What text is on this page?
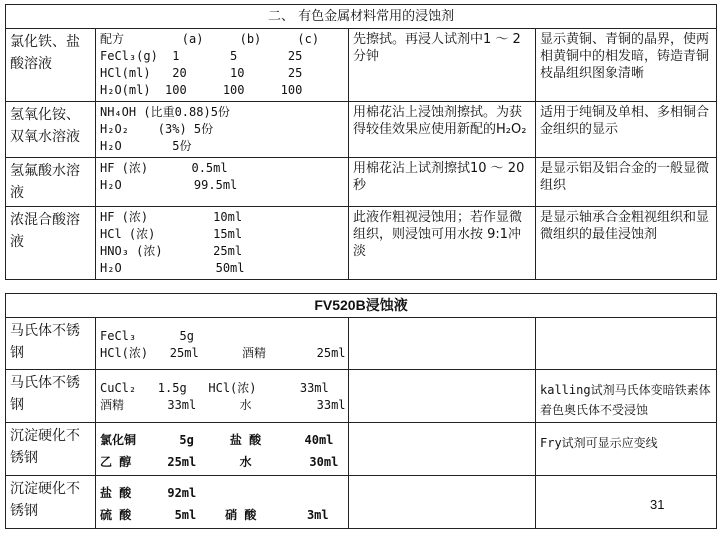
二、 有色金属材料常用的浸蚀剂			
氯化铁、盐酸溶液	配方        (a)     (b)     (c)
FeCl₃(g)  1       5       25
HCl(ml)   20      10      25
H₂O(ml)  100     100     100	先擦拭。再浸人试剂中1 ～ 2 分钟	显示黄铜、青铜的晶界，使两相黄铜中的相发暗，铸造青铜枝晶组织图象清晰
氢氧化铵、双氧水溶液	NH₄OH (比重0.88)5份
H₂O₂    (3%) 5份
H₂O       5份	用棉花沾上浸蚀剂擦拭。为获得较佳效果应使用新配的H₂O₂	适用于纯铜及单相、多相铜合金组织的显示
氢氟酸水溶液	HF (浓)      0.5ml
H₂O          99.5ml	用棉花沾上试剂擦拭10 ～ 20 秒	是显示铝及铝合金的一般显微组织
浓混合酸溶液	HF (浓)         10ml
HCl (浓)        15ml
HNO₃ (浓)       25ml
H₂O             50ml	此液作粗视浸蚀用；若作显微组织，则浸蚀可用水按 9:1冲淡	是显示轴承合金粗视组织和显微组织的最佳浸蚀剂
FV520B浸蚀液			
马氏体不锈钢	FeCl₃      5g
HCl(浓)   25ml      酒精       25ml		

马氏体不锈钢	CuCl₂   1.5g   HCl(浓)      33ml
酒精      33ml      水         33ml		kalling试剂马氏体变暗铁素体着色奥氏体不受浸蚀
沉淀硬化不锈钢	氯化铜      5g     盐 酸      40ml
乙 醇     25ml      水        30ml		Fry试剂可显示应变线
沉淀硬化不锈钢	盐 酸     92ml
硫 酸      5ml    硝 酸       3ml		

31
